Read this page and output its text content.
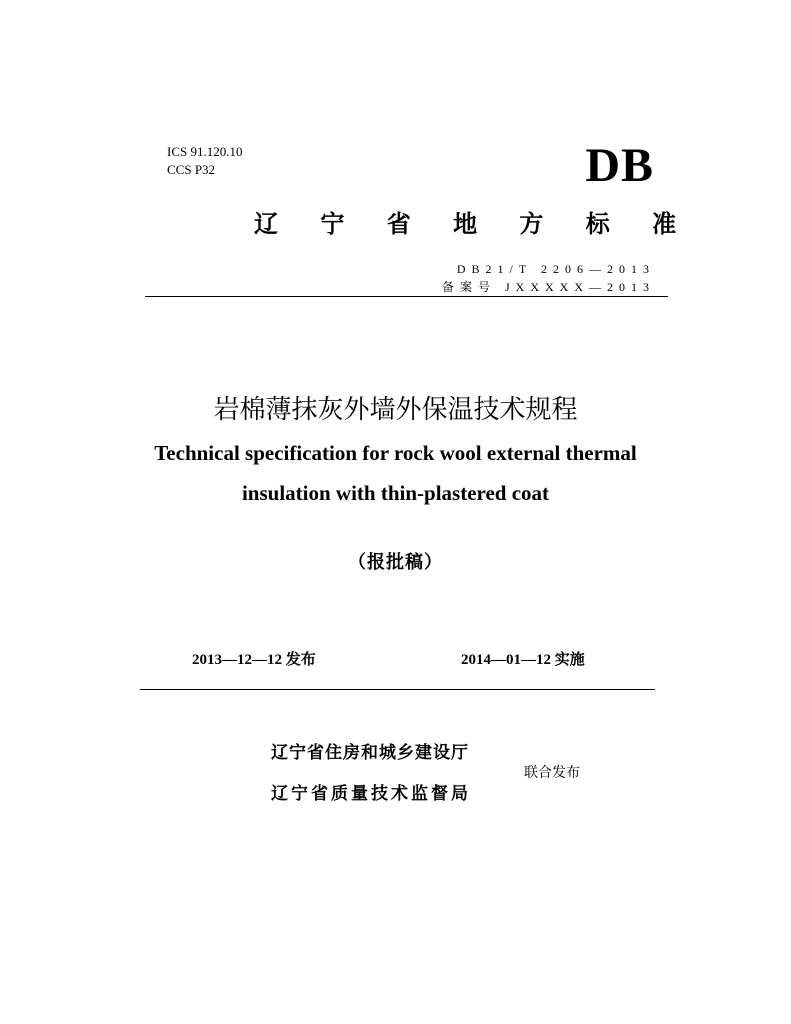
ICS 91.120.10
CCS P32	DB
辽 宁 省 地 方 标 准
DB21/T 2206—2013
备案号 JXXXXX—2013
岩棉薄抹灰外墙外保温技术规程
Technical specification for rock wool external thermal
insulation with thin-plastered coat
（报批稿）
2013—12—12 发布	2014—01—12 实施
辽宁省住房和城乡建设厅
辽宁省质量技术监督局
联合发布
